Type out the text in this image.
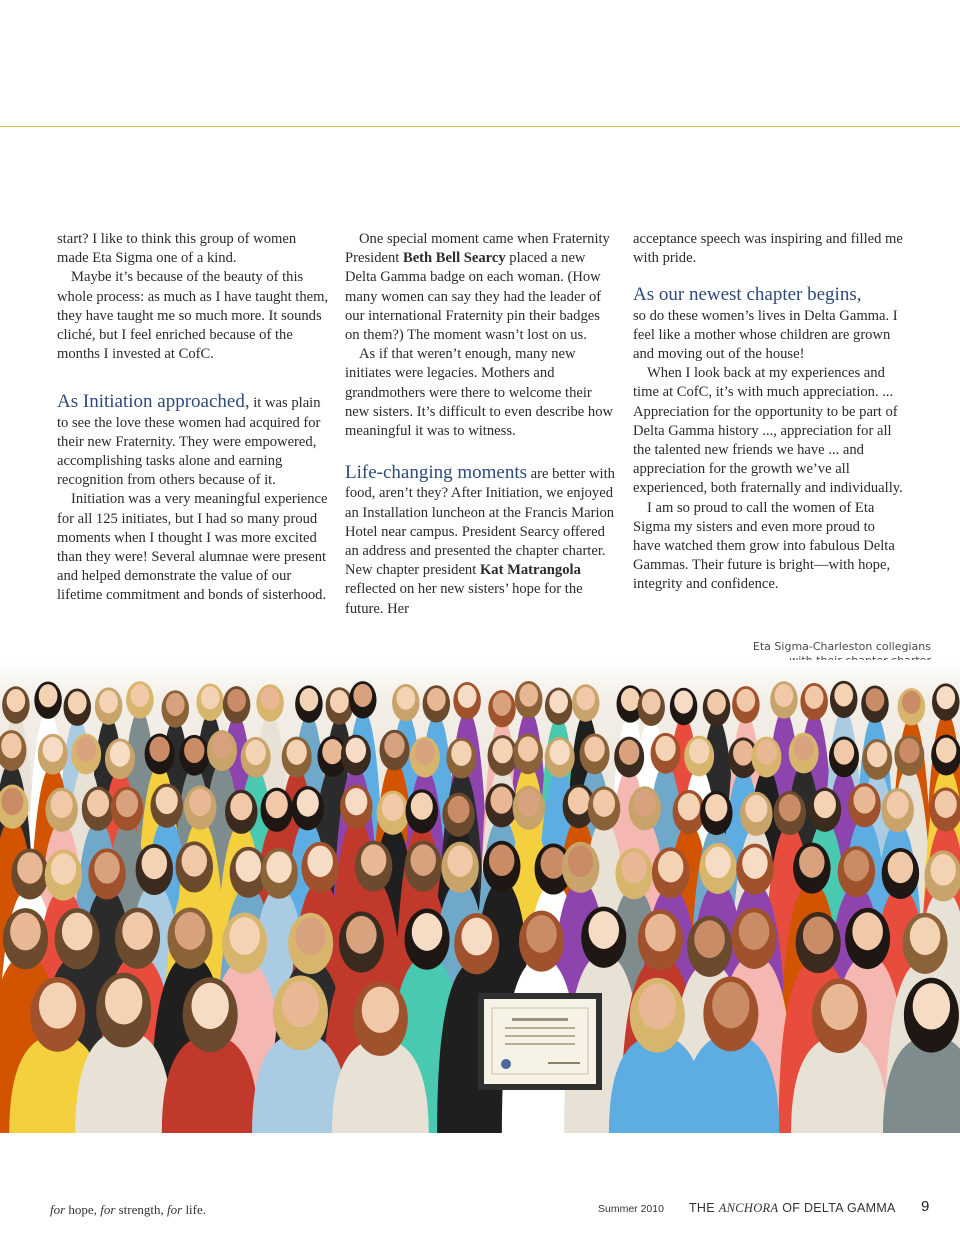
start? I like to think this group of women made Eta Sigma one of a kind.

Maybe it’s because of the beauty of this whole process: as much as I have taught them, they have taught me so much more. It sounds cliché, but I feel enriched because of the months I invested at CofC.

As Initiation approached, it was plain to see the love these women had acquired for their new Fraternity. They were empowered, accomplishing tasks alone and earning recognition from others because of it.

Initiation was a very meaningful experience for all 125 initiates, but I had so many proud moments when I thought I was more excited than they were! Several alumnae were present and helped demonstrate the value of our lifetime commitment and bonds of sisterhood.

One special moment came when Fraternity President Beth Bell Searcy placed a new Delta Gamma badge on each woman. (How many women can say they had the leader of our international Fraternity pin their badges on them?) The moment wasn’t lost on us.

As if that weren’t enough, many new initiates were legacies. Mothers and grandmothers were there to welcome their new sisters. It’s difficult to even describe how meaningful it was to witness.

Life-changing moments are better with food, aren’t they? After Initiation, we enjoyed an Installation luncheon at the Francis Marion Hotel near campus. President Searcy offered an address and presented the chapter charter. New chapter president Kat Matrangola reflected on her new sisters’ hope for the future. Her

acceptance speech was inspiring and filled me with pride.

As our newest chapter begins,
so do these women’s lives in Delta Gamma. I feel like a mother whose children are grown and moving out of the house!

When I look back at my experiences and time at CofC, it’s with much appreciation. ... Appreciation for the opportunity to be part of Delta Gamma history ..., appreciation for all the talented new friends we have ... and appreciation for the growth we’ve all experienced, both fraternally and individually.

I am so proud to call the women of Eta Sigma my sisters and even more proud to have watched them grow into fabulous Delta Gammas. Their future is bright—with hope, integrity and confidence.

Eta Sigma-Charleston collegians
for hope, for strength, for life.	Summer 2010 THE ANCHORA OF DELTA GAMMA 9
